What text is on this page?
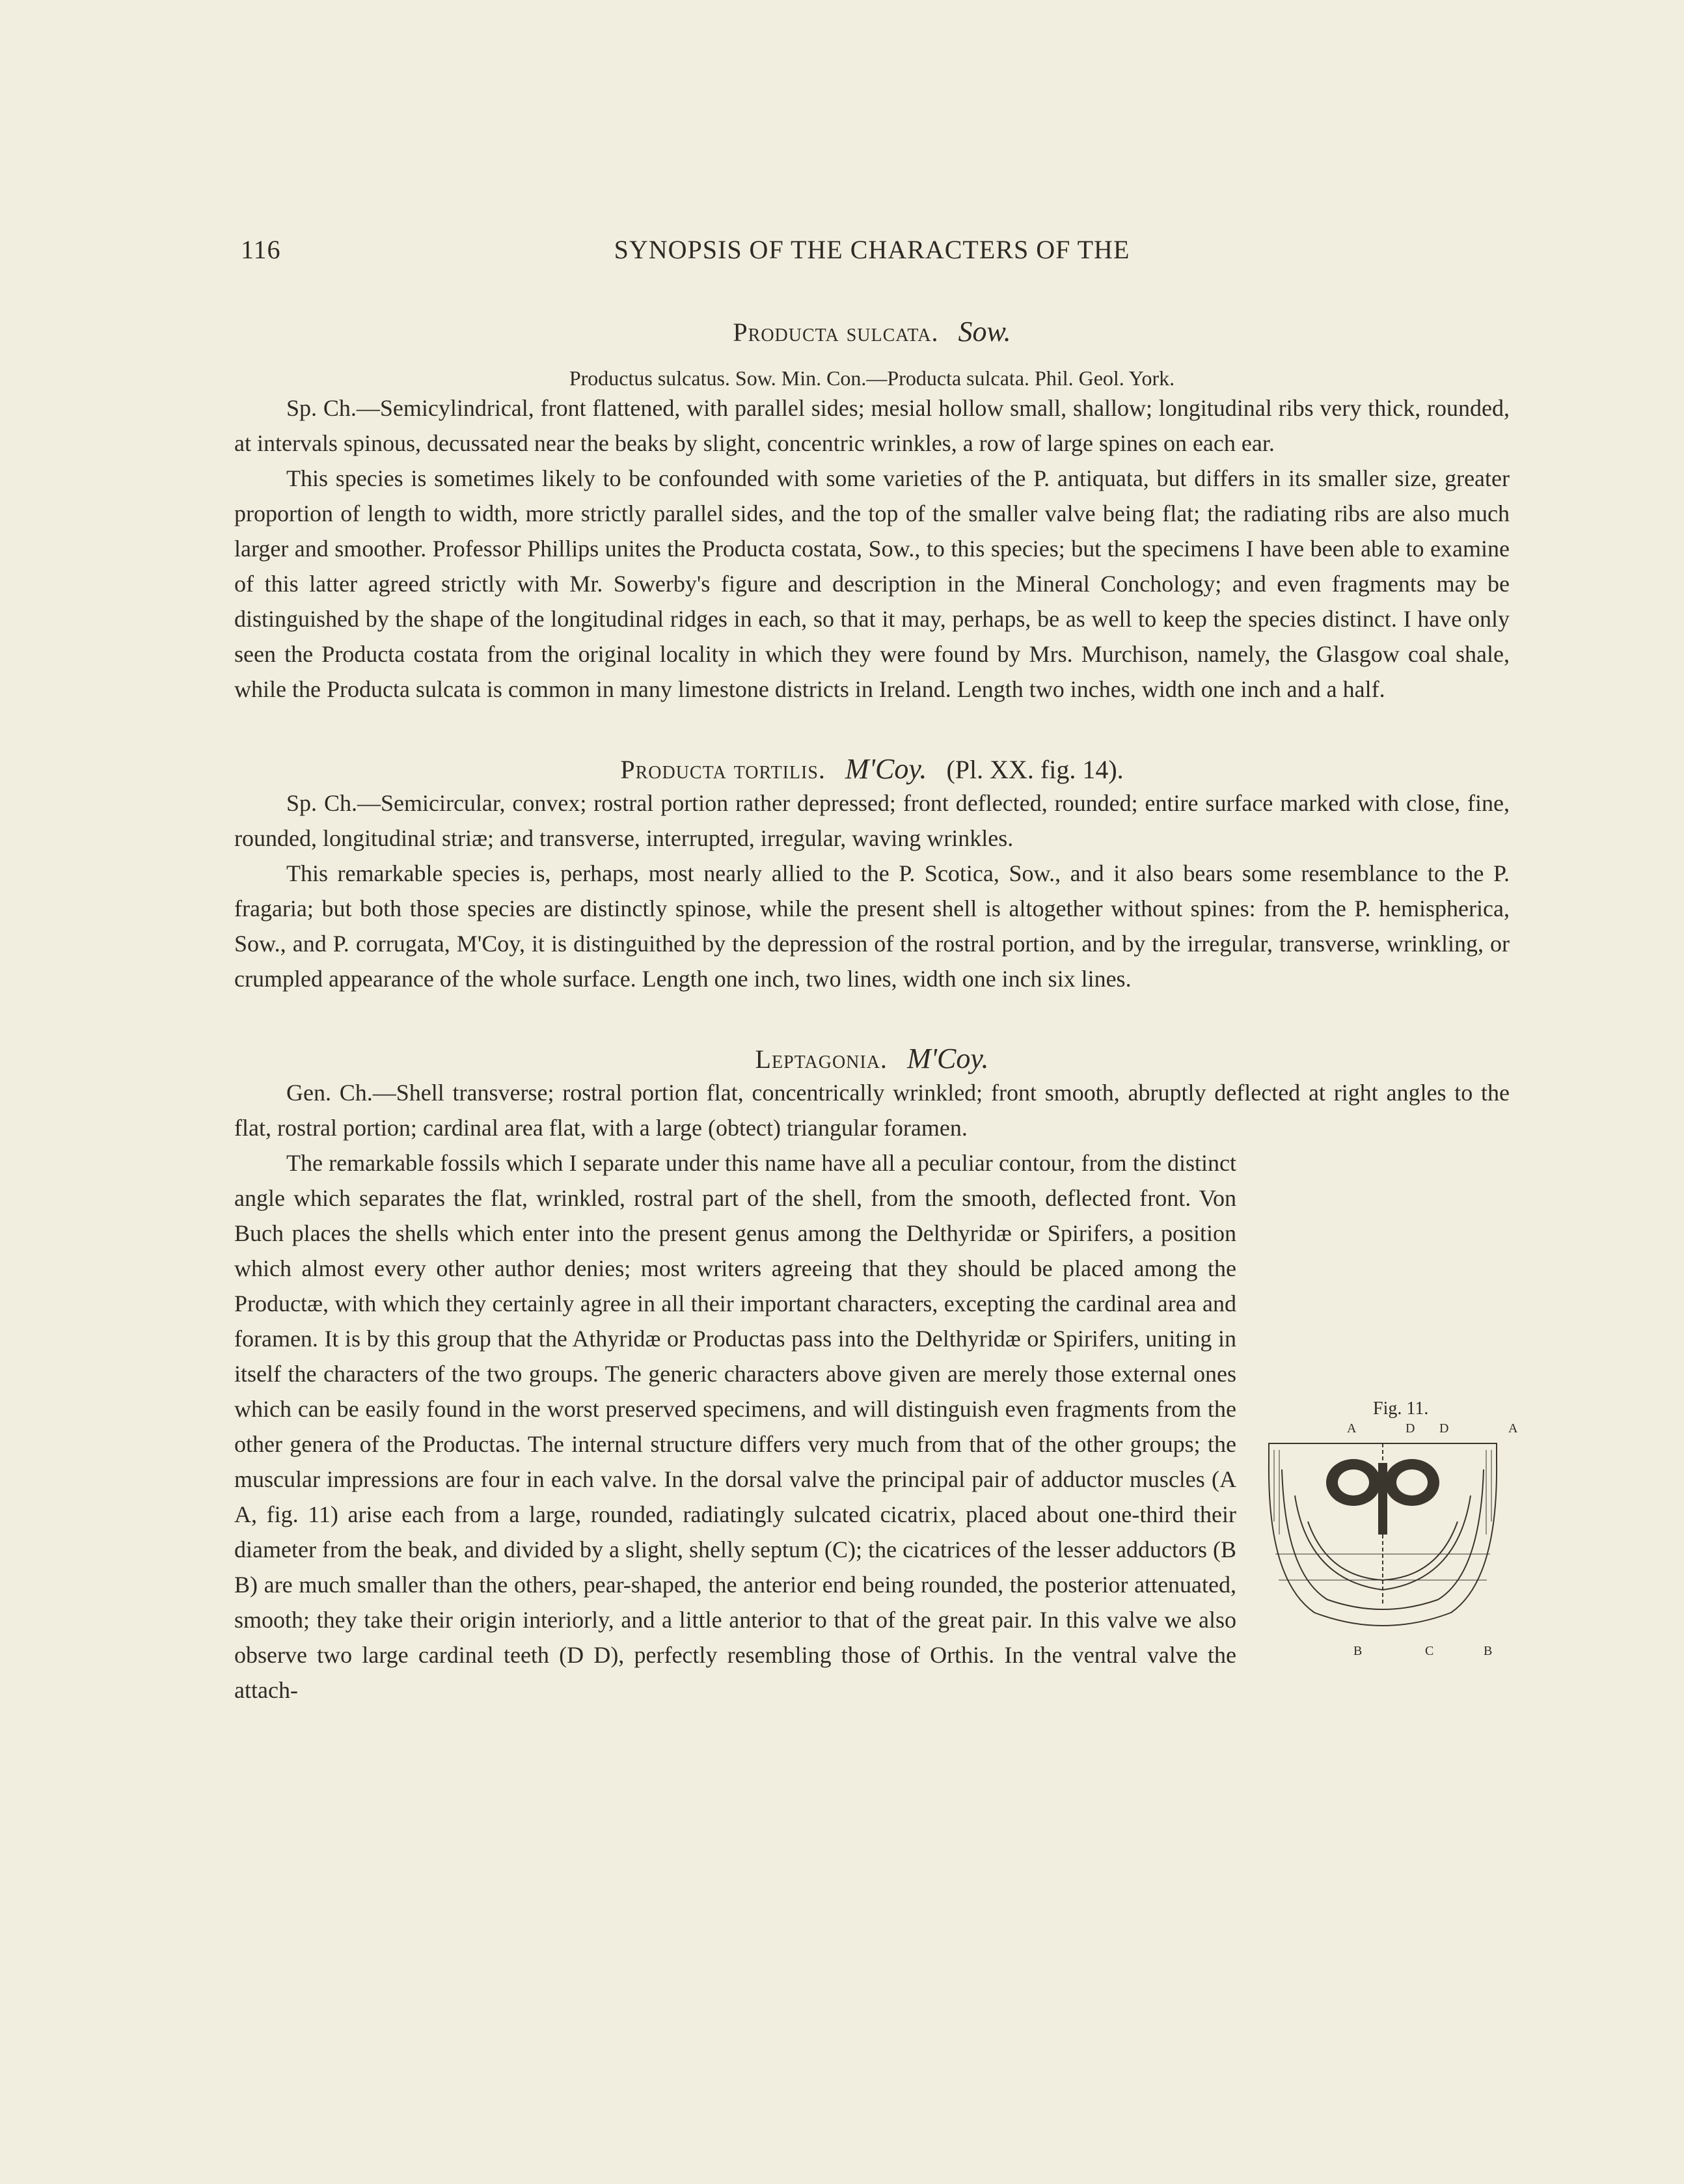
116	SYNOPSIS OF THE CHARACTERS OF THE
Producta sulcata. Sow.
Productus sulcatus. Sow. Min. Con.—Producta sulcata. Phil. Geol. York.

Sp. Ch.—Semicylindrical, front flattened, with parallel sides; mesial hollow small, shallow; longitudinal ribs very thick, rounded, at intervals spinous, decussated near the beaks by slight, concentric wrinkles, a row of large spines on each ear.

This species is sometimes likely to be confounded with some varieties of the P. antiquata, but differs in its smaller size, greater proportion of length to width, more strictly parallel sides, and the top of the smaller valve being flat; the radiating ribs are also much larger and smoother. Professor Phillips unites the Producta costata, Sow., to this species; but the specimens I have been able to examine of this latter agreed strictly with Mr. Sowerby's figure and description in the Mineral Conchology; and even fragments may be distinguished by the shape of the longitudinal ridges in each, so that it may, perhaps, be as well to keep the species distinct. I have only seen the Producta costata from the original locality in which they were found by Mrs. Murchison, namely, the Glasgow coal shale, while the Producta sulcata is common in many limestone districts in Ireland. Length two inches, width one inch and a half.

Producta tortilis. M'Coy. (Pl. XX. fig. 14).

Sp. Ch.—Semicircular, convex; rostral portion rather depressed; front deflected, rounded; entire surface marked with close, fine, rounded, longitudinal striæ; and transverse, interrupted, irregular, waving wrinkles.

This remarkable species is, perhaps, most nearly allied to the P. Scotica, Sow., and it also bears some resemblance to the P. fragaria; but both those species are distinctly spinose, while the present shell is altogether without spines: from the P. hemispherica, Sow., and P. corrugata, M'Coy, it is distinguithed by the depression of the rostral portion, and by the irregular, transverse, wrinkling, or crumpled appearance of the whole surface. Length one inch, two lines, width one inch six lines.

Leptagonia. M'Coy.

Gen. Ch.—Shell transverse; rostral portion flat, concentrically wrinkled; front smooth, abruptly deflected at right angles to the flat, rostral portion; cardinal area flat, with a large (obtect) triangular foramen.

Fig. 11.
A	D	D	A
B	C	B
The remarkable fossils which I separate under this name have all a peculiar contour, from the distinct angle which separates the flat, wrinkled, rostral part of the shell, from the smooth, deflected front. Von Buch places the shells which enter into the present genus among the Delthyridæ or Spirifers, a position which almost every other author denies; most writers agreeing that they should be placed among the Productæ, with which they certainly agree in all their important characters, excepting the cardinal area and foramen. It is by this group that the Athyridæ or Productas pass into the Delthyridæ or Spirifers, uniting in itself the characters of the two groups. The generic characters above given are merely those external ones which can be easily found in the worst preserved specimens, and will distinguish even fragments from the other genera of the Productas. The internal structure differs very much from that of the other groups; the muscular impressions are four in each valve. In the dorsal valve the principal pair of adductor muscles (A A, fig. 11) arise each from a large, rounded, radiatingly sulcated cicatrix, placed about one-third their diameter from the beak, and divided by a slight, shelly septum (C); the cicatrices of the lesser adductors (B B) are much smaller than the others, pear-shaped, the anterior end being rounded, the posterior attenuated, smooth; they take their origin interiorly, and a little anterior to that of the great pair. In this valve we also observe two large cardinal teeth (D D), perfectly resembling those of Orthis. In the ventral valve the attach-
